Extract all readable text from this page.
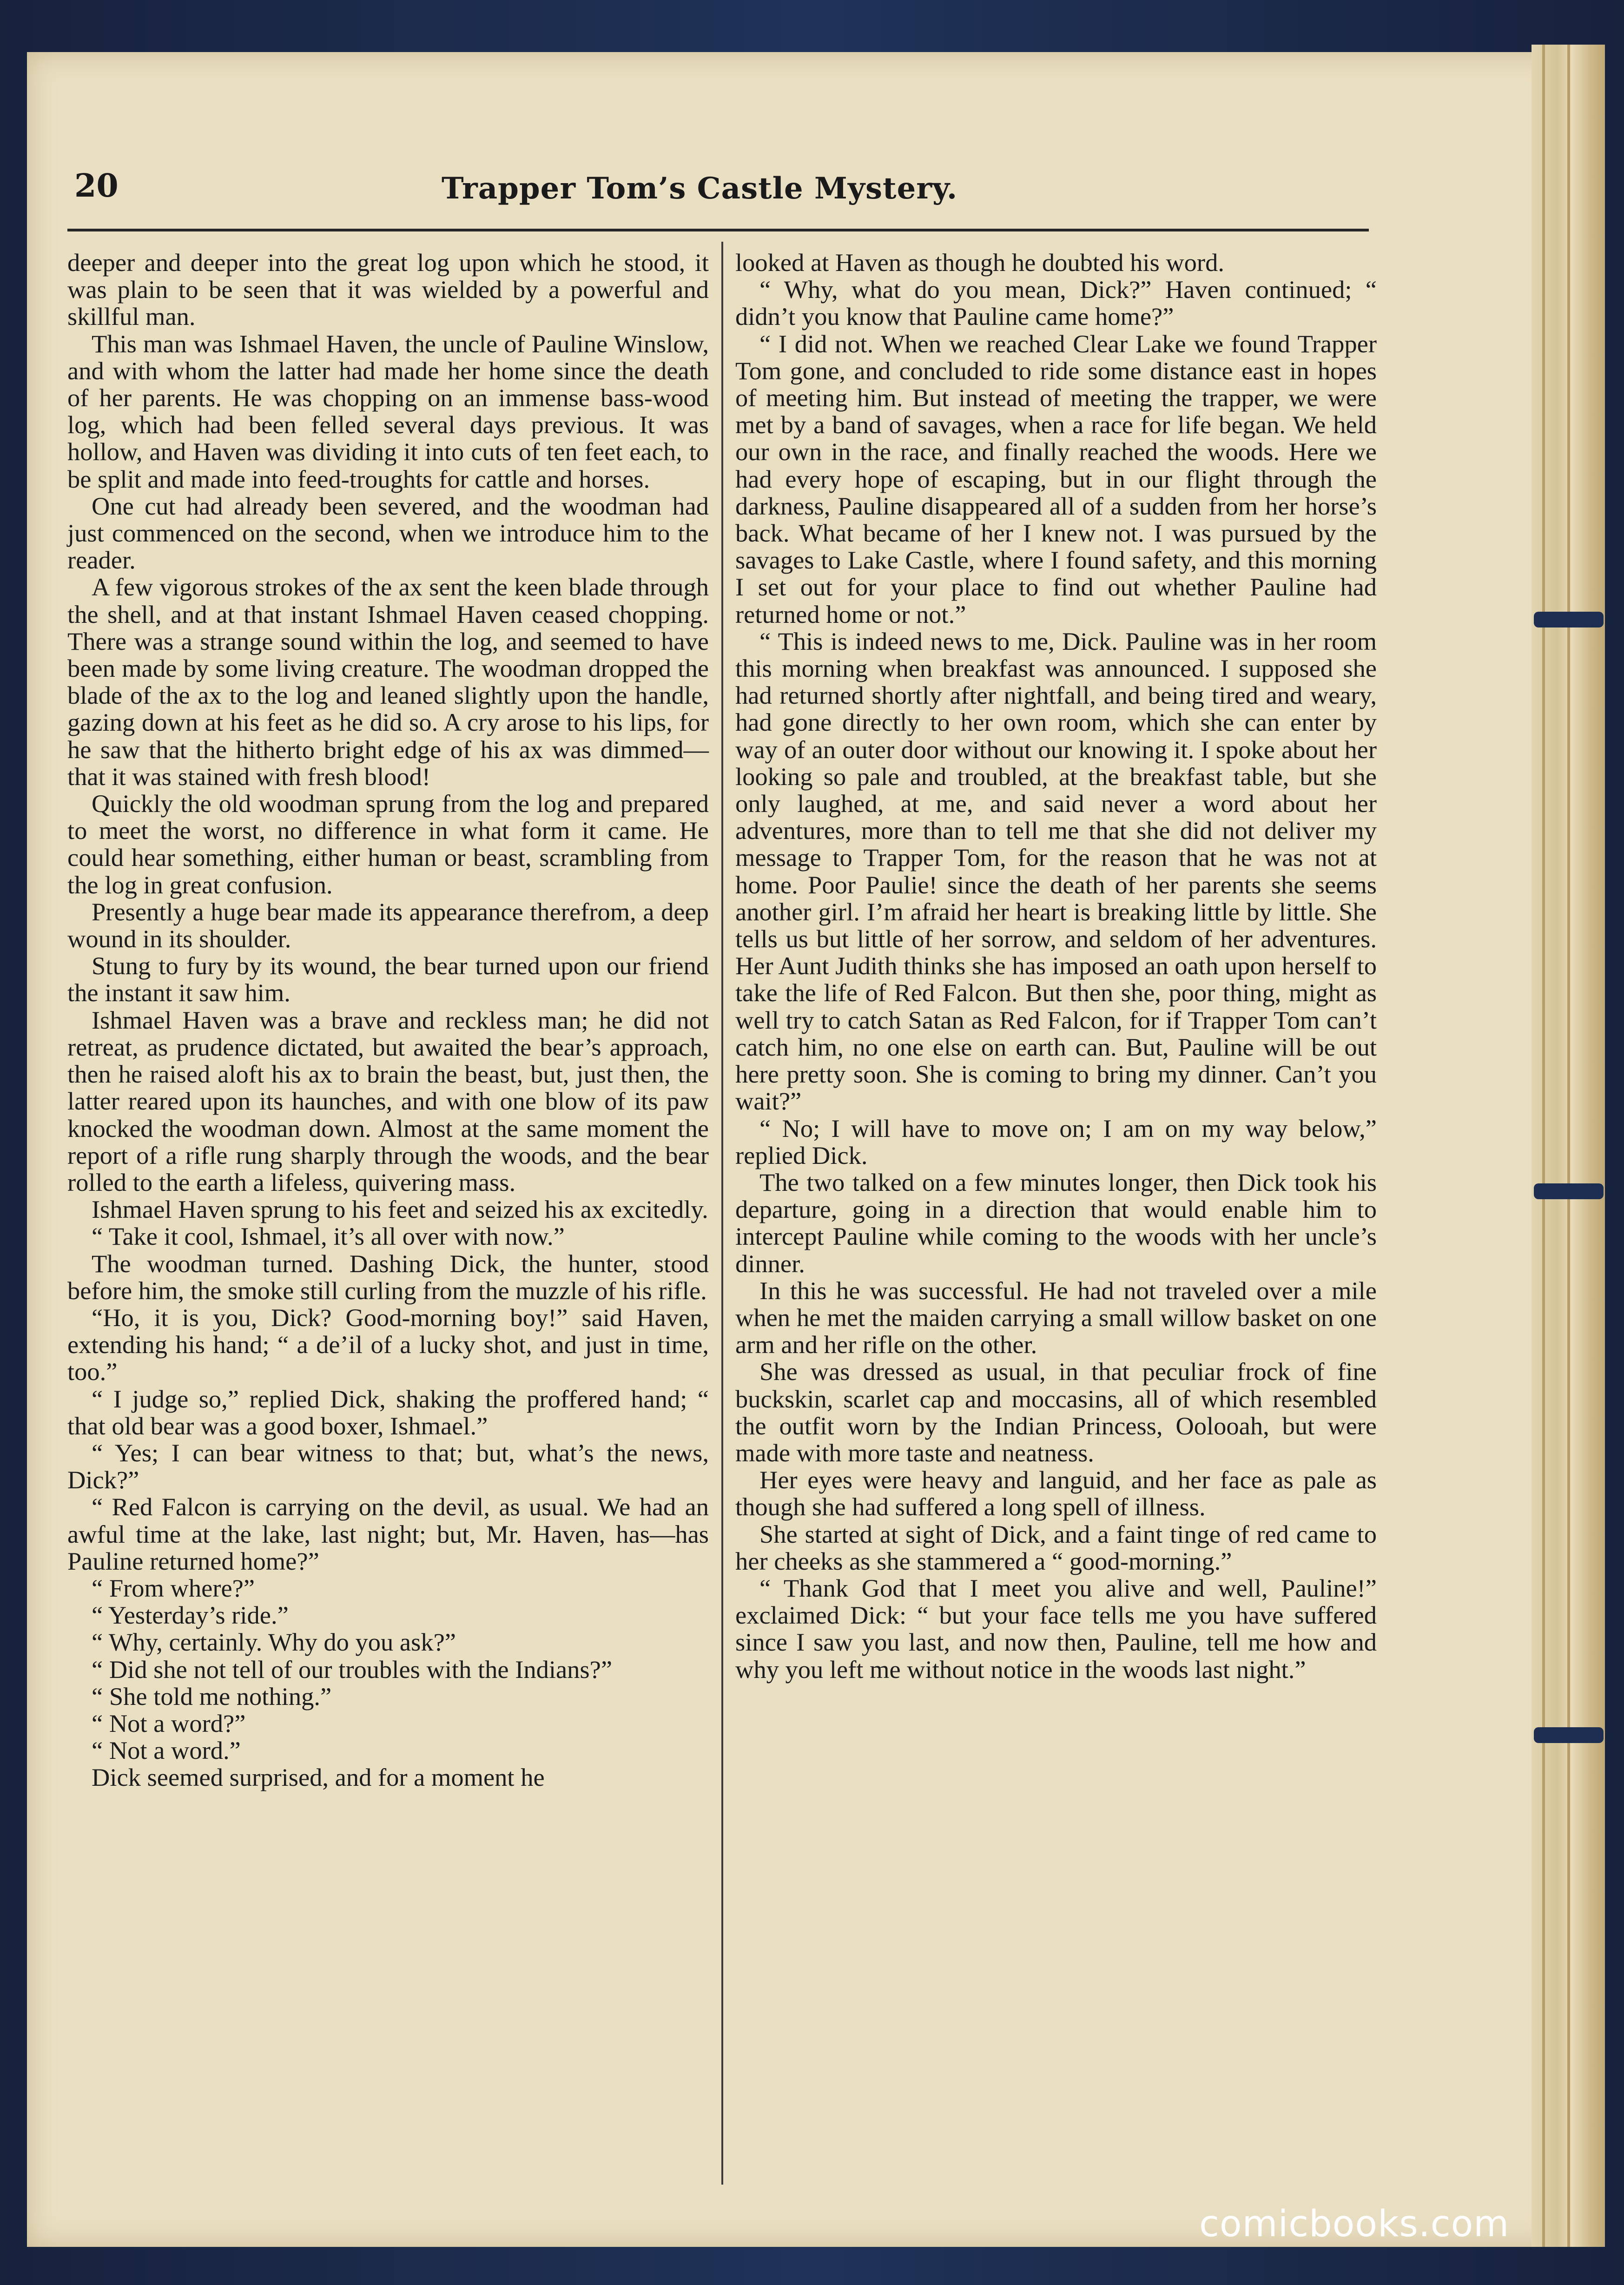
20	Trapper Tom’s Castle Mystery.

deeper and deeper into the great log upon which he stood, it was plain to be seen that it was wielded by a powerful and skillful man.

This man was Ishmael Haven, the uncle of Pauline Winslow, and with whom the latter had made her home since the death of her parents. He was chopping on an immense bass-wood log, which had been felled several days previous. It was hollow, and Haven was dividing it into cuts of ten feet each, to be split and made into feed-troughts for cattle and horses.

One cut had already been severed, and the woodman had just commenced on the second, when we introduce him to the reader.

A few vigorous strokes of the ax sent the keen blade through the shell, and at that instant Ishmael Haven ceased chopping. There was a strange sound within the log, and seemed to have been made by some living creature. The woodman dropped the blade of the ax to the log and leaned slightly upon the handle, gazing down at his feet as he did so. A cry arose to his lips, for he saw that the hitherto bright edge of his ax was dimmed—that it was stained with fresh blood!

Quickly the old woodman sprung from the log and prepared to meet the worst, no difference in what form it came. He could hear something, either human or beast, scrambling from the log in great confusion.

Presently a huge bear made its appearance therefrom, a deep wound in its shoulder.

Stung to fury by its wound, the bear turned upon our friend the instant it saw him.

Ishmael Haven was a brave and reckless man; he did not retreat, as prudence dictated, but awaited the bear’s approach, then he raised aloft his ax to brain the beast, but, just then, the latter reared upon its haunches, and with one blow of its paw knocked the woodman down. Almost at the same moment the report of a rifle rung sharply through the woods, and the bear rolled to the earth a lifeless, quivering mass.

Ishmael Haven sprung to his feet and seized his ax excitedly.

“ Take it cool, Ishmael, it’s all over with now.”

The woodman turned. Dashing Dick, the hunter, stood before him, the smoke still curling from the muzzle of his rifle.

“Ho, it is you, Dick? Good-morning boy!” said Haven, extending his hand; “ a de’il of a lucky shot, and just in time, too.”

“ I judge so,” replied Dick, shaking the proffered hand; “ that old bear was a good boxer, Ishmael.”

“ Yes; I can bear witness to that; but, what’s the news, Dick?”

“ Red Falcon is carrying on the devil, as usual. We had an awful time at the lake, last night; but, Mr. Haven, has—has Pauline returned home?”

“ From where?”

“ Yesterday’s ride.”

“ Why, certainly. Why do you ask?”

“ Did she not tell of our troubles with the Indians?”

“ She told me nothing.”

“ Not a word?”

“ Not a word.”

Dick seemed surprised, and for a moment he

looked at Haven as though he doubted his word.

“ Why, what do you mean, Dick?” Haven continued; “ didn’t you know that Pauline came home?”

“ I did not. When we reached Clear Lake we found Trapper Tom gone, and concluded to ride some distance east in hopes of meeting him. But instead of meeting the trapper, we were met by a band of savages, when a race for life began. We held our own in the race, and finally reached the woods. Here we had every hope of escaping, but in our flight through the darkness, Pauline disappeared all of a sudden from her horse’s back. What became of her I knew not. I was pursued by the savages to Lake Castle, where I found safety, and this morning I set out for your place to find out whether Pauline had returned home or not.”

“ This is indeed news to me, Dick. Pauline was in her room this morning when breakfast was announced. I supposed she had returned shortly after nightfall, and being tired and weary, had gone directly to her own room, which she can enter by way of an outer door without our knowing it. I spoke about her looking so pale and troubled, at the breakfast table, but she only laughed, at me, and said never a word about her adventures, more than to tell me that she did not deliver my message to Trapper Tom, for the reason that he was not at home. Poor Paulie! since the death of her parents she seems another girl. I’m afraid her heart is breaking little by little. She tells us but little of her sorrow, and seldom of her adventures. Her Aunt Judith thinks she has imposed an oath upon herself to take the life of Red Falcon. But then she, poor thing, might as well try to catch Satan as Red Falcon, for if Trapper Tom can’t catch him, no one else on earth can. But, Pauline will be out here pretty soon. She is coming to bring my dinner. Can’t you wait?”

“ No; I will have to move on; I am on my way below,” replied Dick.

The two talked on a few minutes longer, then Dick took his departure, going in a direction that would enable him to intercept Pauline while coming to the woods with her uncle’s dinner.

In this he was successful. He had not traveled over a mile when he met the maiden carrying a small willow basket on one arm and her rifle on the other.

She was dressed as usual, in that peculiar frock of fine buckskin, scarlet cap and moccasins, all of which resembled the outfit worn by the Indian Princess, Oolooah, but were made with more taste and neatness.

Her eyes were heavy and languid, and her face as pale as though she had suffered a long spell of illness.

She started at sight of Dick, and a faint tinge of red came to her cheeks as she stammered a “ good-morning.”

“ Thank God that I meet you alive and well, Pauline!” exclaimed Dick: “ but your face tells me you have suffered since I saw you last, and now then, Pauline, tell me how and why you left me without notice in the woods last night.”

comicbooks.com
